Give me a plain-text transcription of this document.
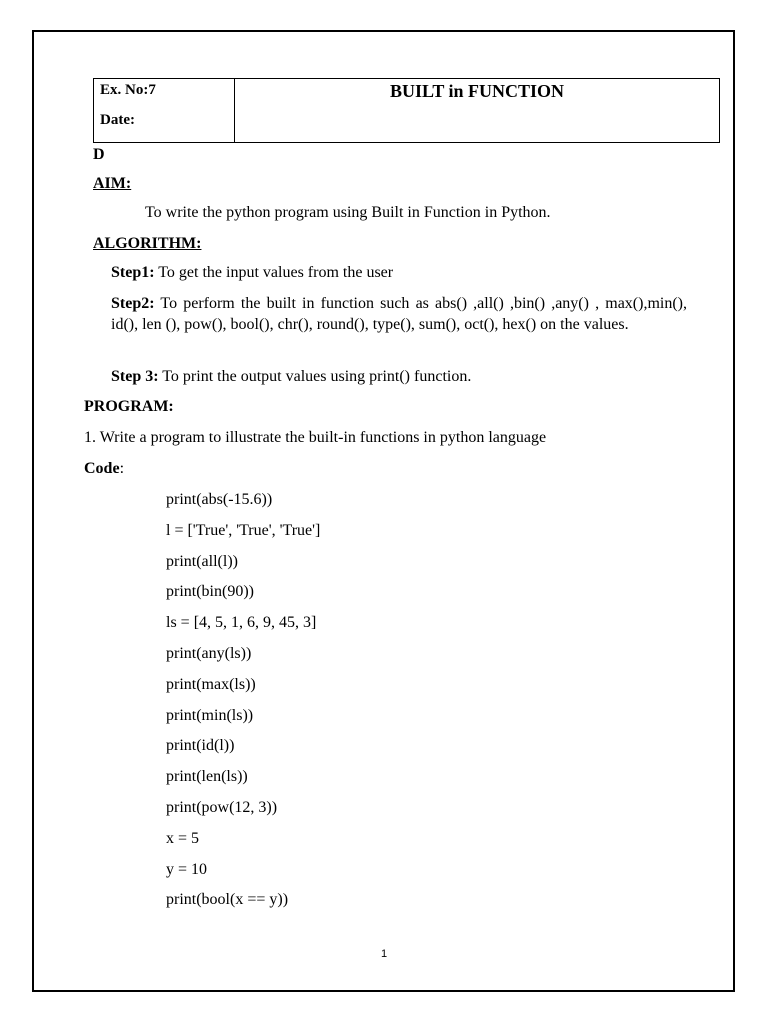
Ex. No:7
Date:
BUILT in FUNCTION
D
AIM:
To write the python program using Built in Function in Python.
ALGORITHM:
Step1: To get the input values from the user
Step2: To perform the built in function such as abs() ,all() ,bin() ,any() , max(),min(), id(), len (), pow(), bool(), chr(), round(), type(), sum(), oct(), hex() on the values.
Step 3: To print the output values using print() function.
PROGRAM:
1. Write a program to illustrate the built-in functions in python language
Code:
print(abs(-15.6))
l = ['True', 'True', 'True']
print(all(l))
print(bin(90))
ls = [4, 5, 1, 6, 9, 45, 3]
print(any(ls))
print(max(ls))
print(min(ls))
print(id(l))
print(len(ls))
print(pow(12, 3))
x = 5
y = 10
print(bool(x == y))
1
